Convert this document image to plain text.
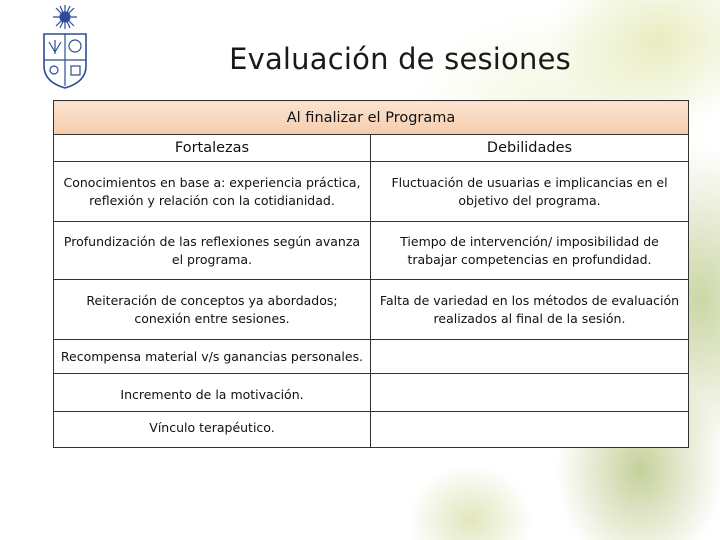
Evaluación de sesiones
Al finalizar el Programa	
Fortalezas	Debilidades
Conocimientos en base a: experiencia práctica, reflexión y relación con la cotidianidad.	Fluctuación de usuarias e implicancias en el objetivo del programa.
Profundización de las reflexiones según avanza el programa.	Tiempo de intervención/ imposibilidad de trabajar competencias en profundidad.
Reiteración de conceptos ya abordados; conexión entre sesiones.	Falta de variedad en los métodos de evaluación realizados al final de la sesión.
Recompensa material v/s ganancias personales.	
Incremento de la motivación.	
Vínculo terapéutico.	
